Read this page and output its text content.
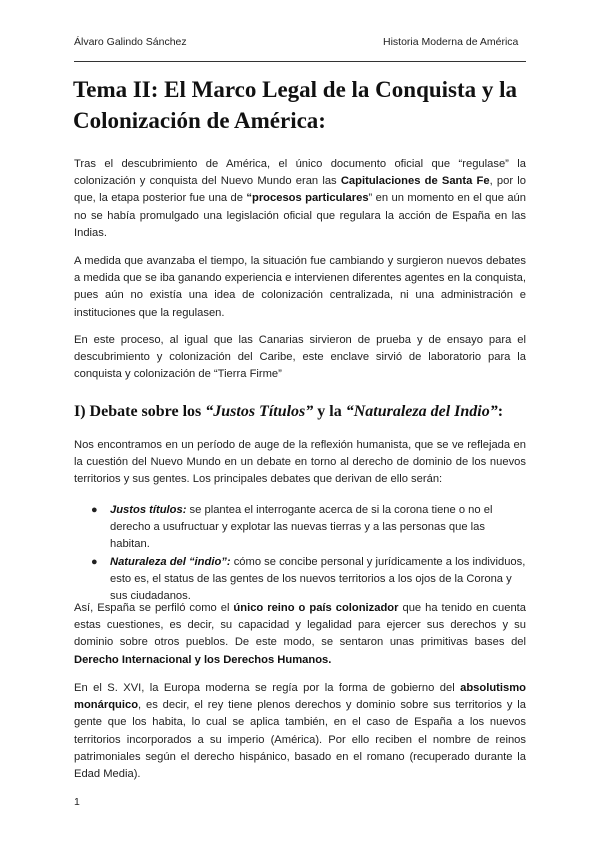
Álvaro Galindo Sánchez	Historia Moderna de América
Tema II: El Marco Legal de la Conquista y la Colonización de América:

Tras el descubrimiento de América, el único documento oficial que “regulase” la colonización y conquista del Nuevo Mundo eran las Capitulaciones de Santa Fe, por lo que, la etapa posterior fue una de “procesos particulares” en un momento en el que aún no se había promulgado una legislación oficial que regulara la acción de España en las Indias.

A medida que avanzaba el tiempo, la situación fue cambiando y surgieron nuevos debates a medida que se iba ganando experiencia e intervienen diferentes agentes en la conquista, pues aún no existía una idea de colonización centralizada, ni una administración e instituciones que la regulasen.

En este proceso, al igual que las Canarias sirvieron de prueba y de ensayo para el descubrimiento y colonización del Caribe, este enclave sirvió de laboratorio para la conquista y colonización de “Tierra Firme”

I) Debate sobre los “Justos Títulos” y la “Naturaleza del Indio”:

Nos encontramos en un período de auge de la reflexión humanista, que se ve reflejada en la cuestión del Nuevo Mundo en un debate en torno al derecho de dominio de los nuevos territorios y sus gentes. Los principales debates que derivan de ello serán:

● Justos títulos: se plantea el interrogante acerca de si la corona tiene o no el derecho a usufructuar y explotar las nuevas tierras y a las personas que las habitan.
● Naturaleza del “indio”: cómo se concibe personal y jurídicamente a los individuos, esto es, el status de las gentes de los nuevos territorios a los ojos de la Corona y sus ciudadanos.

Así, España se perfiló como el único reino o país colonizador que ha tenido en cuenta estas cuestiones, es decir, su capacidad y legalidad para ejercer sus derechos y su dominio sobre otros pueblos. De este modo, se sentaron unas primitivas bases del Derecho Internacional y los Derechos Humanos.

En el S. XVI, la Europa moderna se regía por la forma de gobierno del absolutismo monárquico, es decir, el rey tiene plenos derechos y dominio sobre sus territorios y la gente que los habita, lo cual se aplica también, en el caso de España a los nuevos territorios incorporados a su imperio (América). Por ello reciben el nombre de reinos patrimoniales según el derecho hispánico, basado en el romano (recuperado durante la Edad Media).

1
